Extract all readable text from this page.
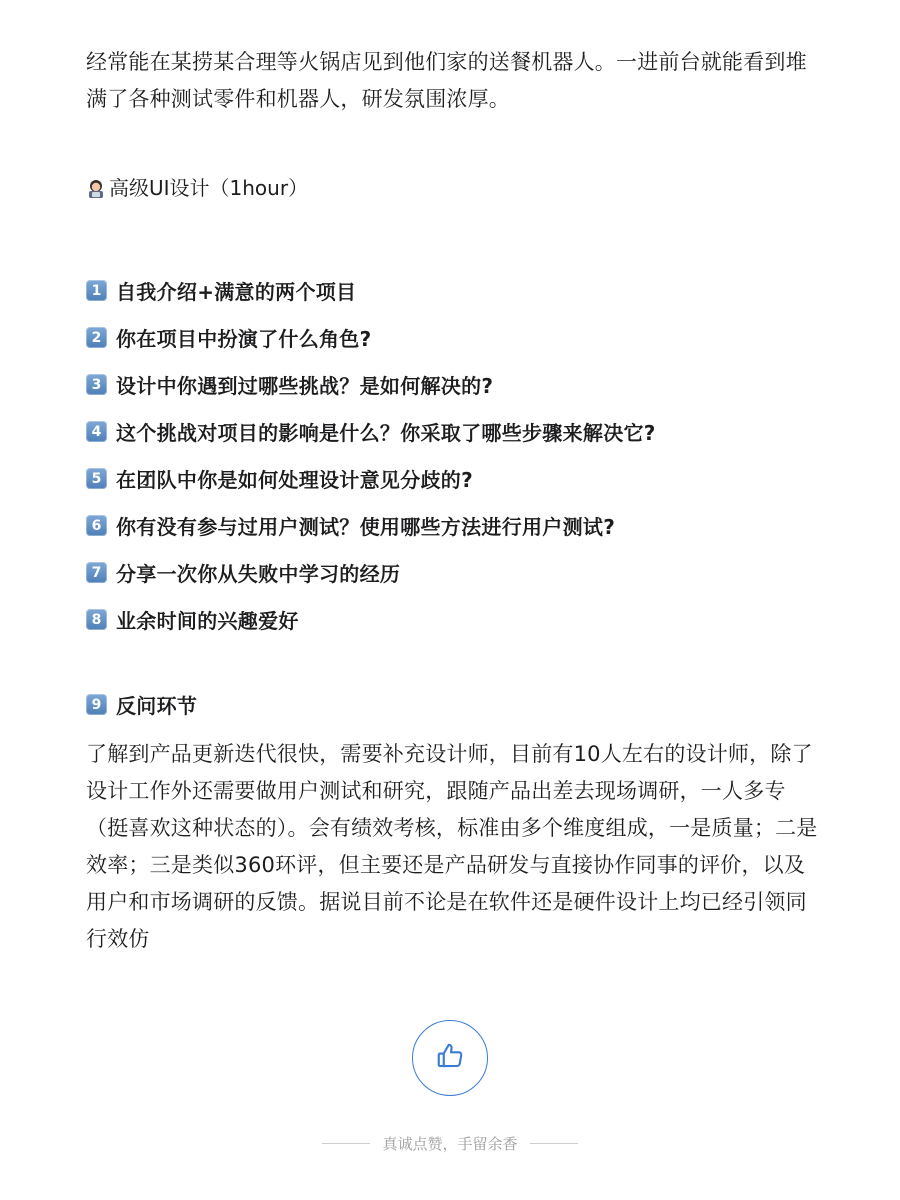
经常能在某捞某合理等火锅店见到他们家的送餐机器人。一进前台就能看到堆满了各种测试零件和机器人，研发氛围浓厚。

高级UI设计（1hour）
1 自我介绍+满意的两个项目
2 你在项目中扮演了什么角色?
3 设计中你遇到过哪些挑战？是如何解决的?
4 这个挑战对项目的影响是什么？你采取了哪些步骤来解决它?
5 在团队中你是如何处理设计意见分歧的?
6 你有没有参与过用户测试？使用哪些方法进行用户测试?
7 分享一次你从失败中学习的经历
8 业余时间的兴趣爱好
9 反问环节

了解到产品更新迭代很快，需要补充设计师，目前有10人左右的设计师，除了设计工作外还需要做用户测试和研究，跟随产品出差去现场调研，一人多专（挺喜欢这种状态的）。会有绩效考核，标准由多个维度组成，一是质量；二是效率；三是类似360环评，但主要还是产品研发与直接协作同事的评价，以及用户和市场调研的反馈。据说目前不论是在软件还是硬件设计上均已经引领同行效仿

真诚点赞，手留余香
